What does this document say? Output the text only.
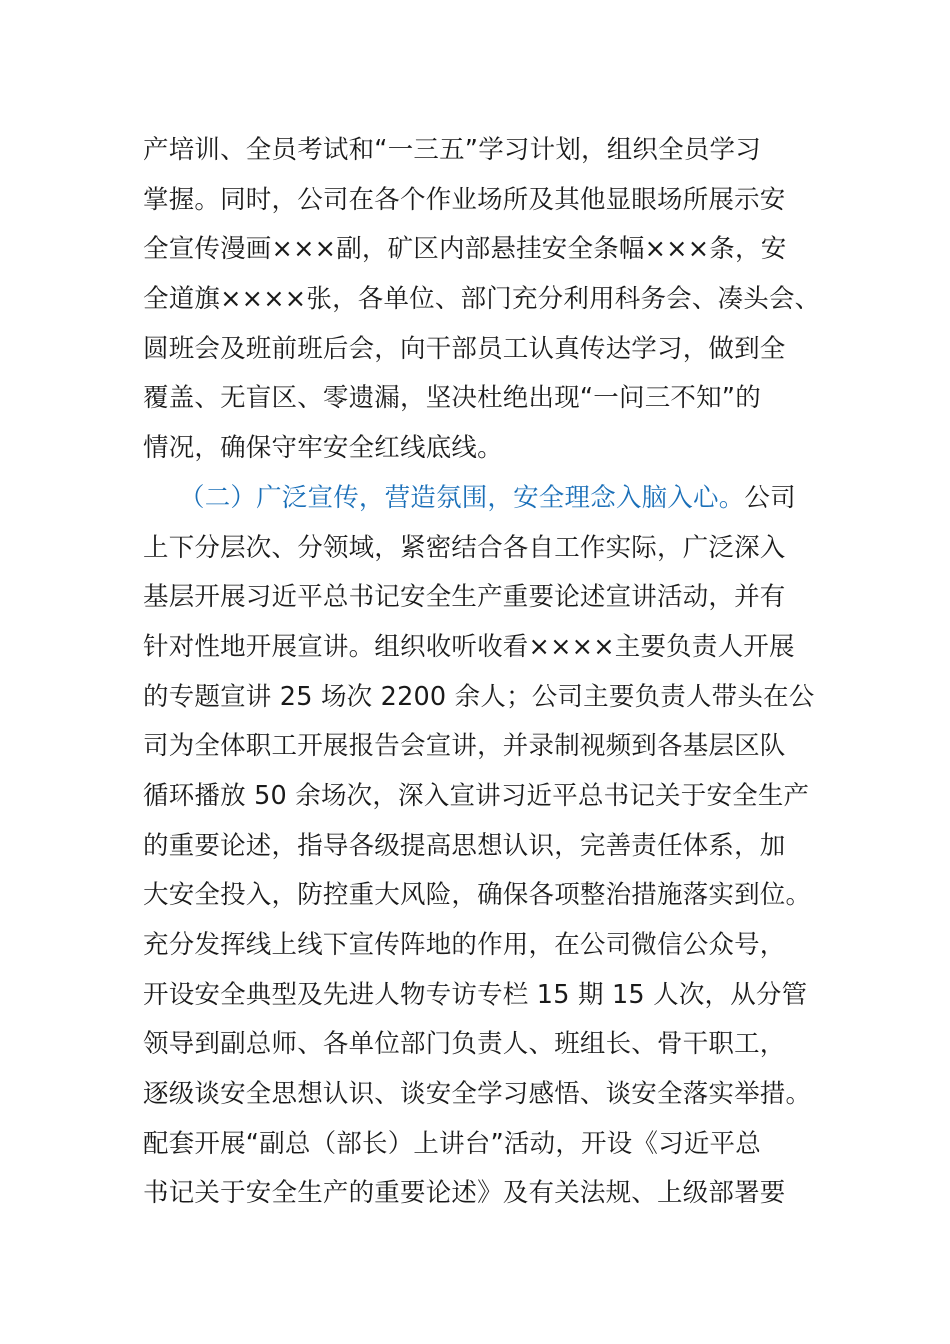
产培训、全员考试和“一三五”学习计划，组织全员学习
掌握。同时，公司在各个作业场所及其他显眼场所展示安
全宣传漫画×××副，矿区内部悬挂安全条幅×××条，安
全道旗××××张，各单位、部门充分利用科务会、凑头会、
圆班会及班前班后会，向干部员工认真传达学习，做到全
覆盖、无盲区、零遗漏，坚决杜绝出现“一问三不知”的
情况，确保守牢安全红线底线。
（二）广泛宣传，营造氛围，安全理念入脑入心。公司
上下分层次、分领域，紧密结合各自工作实际，广泛深入
基层开展习近平总书记安全生产重要论述宣讲活动，并有
针对性地开展宣讲。组织收听收看××××主要负责人开展
的专题宣讲 25 场次 2200 余人；公司主要负责人带头在公
司为全体职工开展报告会宣讲，并录制视频到各基层区队
循环播放 50 余场次，深入宣讲习近平总书记关于安全生产
的重要论述，指导各级提高思想认识，完善责任体系，加
大安全投入，防控重大风险，确保各项整治措施落实到位。
充分发挥线上线下宣传阵地的作用，在公司微信公众号，
开设安全典型及先进人物专访专栏 15 期 15 人次，从分管
领导到副总师、各单位部门负责人、班组长、骨干职工，
逐级谈安全思想认识、谈安全学习感悟、谈安全落实举措。
配套开展“副总（部长）上讲台”活动，开设《习近平总
书记关于安全生产的重要论述》及有关法规、上级部署要
